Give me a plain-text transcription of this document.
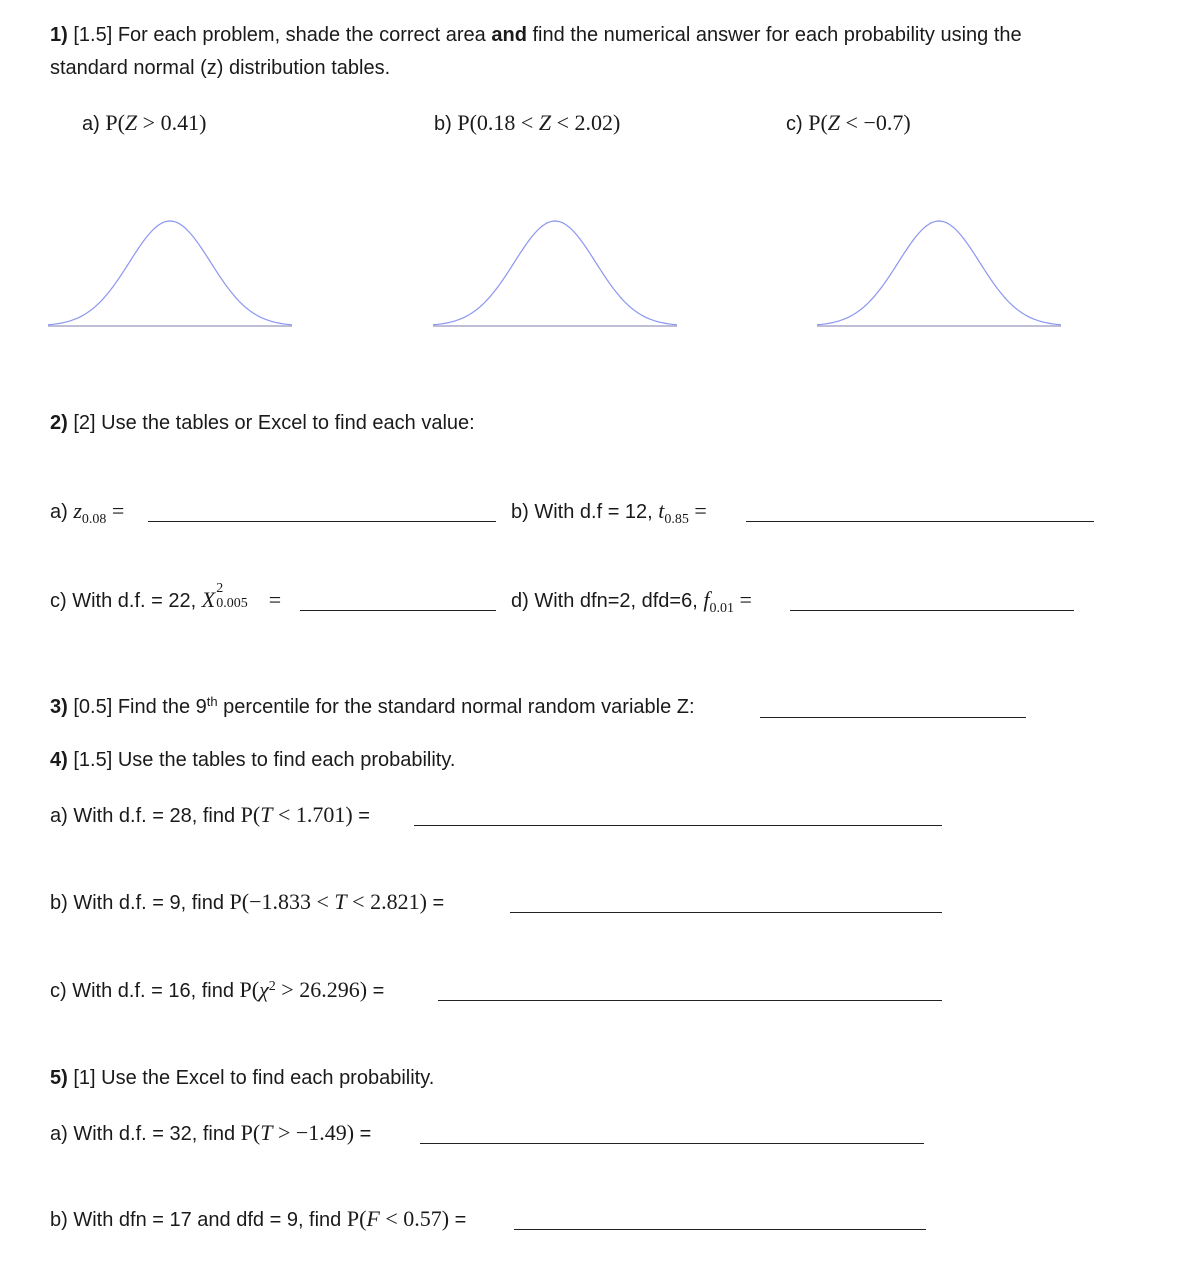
1) [1.5] For each problem, shade the correct area and find the numerical answer for each probability using the
standard normal (z) distribution tables.
a) P(Z > 0.41)	b) P(0.18 < Z < 2.02)	c) P(Z < −0.7)
2) [2] Use the tables or Excel to find each value:
a) $z_{0.08}$ =	b) With d.f = 12, $t_{0.85}$ =
c) With d.f. = 22, X 2
0.005 =	d) With dfn=2, dfd=6, $f_{0.01}$ =
3) [0.5] Find the 9th percentile for the standard normal random variable Z:
4) [1.5] Use the tables to find each probability.
a) With d.f. = 28, find P(T < 1.701) =
b) With d.f. = 9, find P(−1.833 < T < 2.821) =
c) With d.f. = 16, find $P(\chi^2 > 26.296)$ =
5) [1] Use the Excel to find each probability.
a) With d.f. = 32, find P(T > −1.49) =
b) With dfn = 17 and dfd = 9, find P(F < 0.57) =
